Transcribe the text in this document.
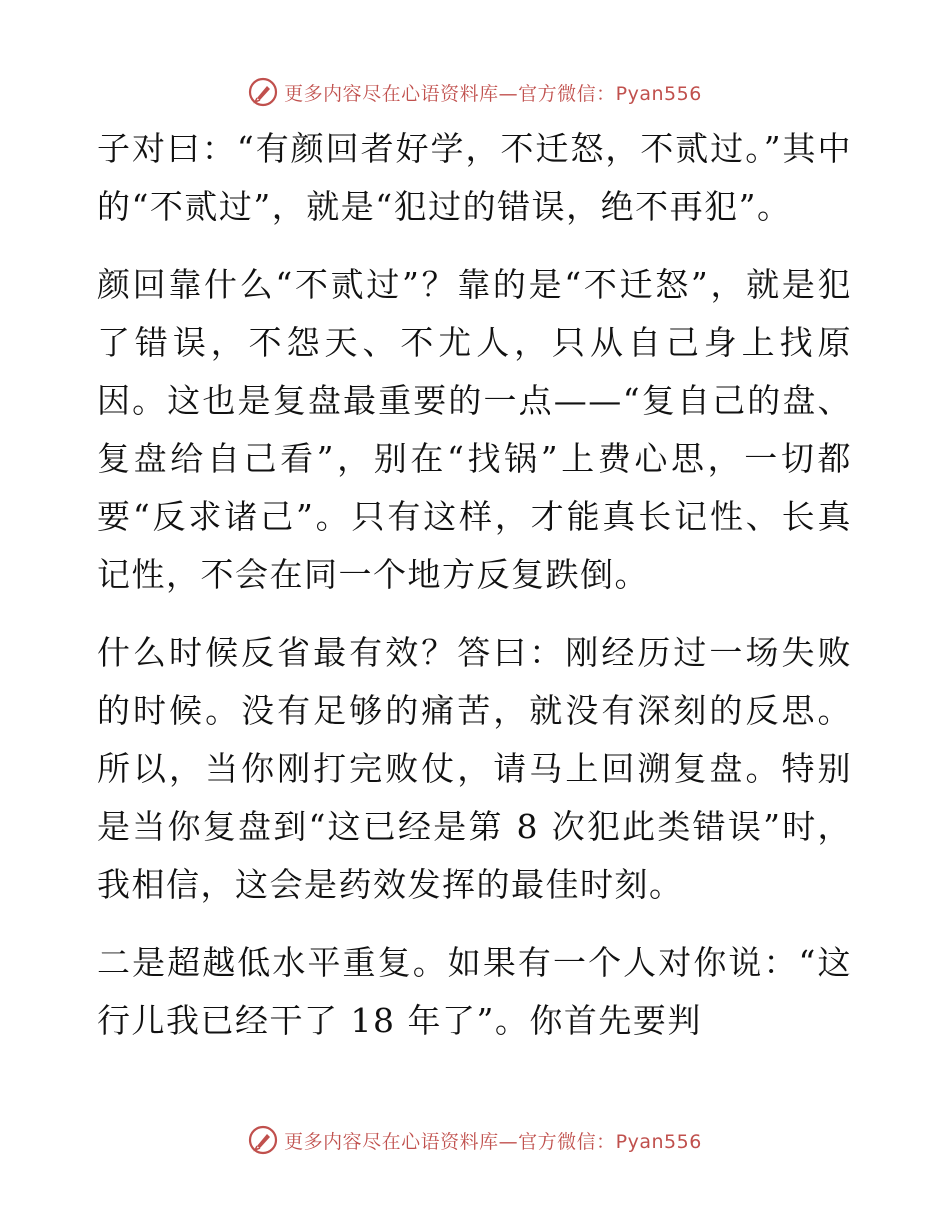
更多内容尽在心语资料库—官方微信：Pyan556

子对曰：“有颜回者好学，不迁怒，不贰过。”其中的“不贰过”，就是“犯过的错误，绝不再犯”。

颜回靠什么“不贰过”？靠的是“不迁怒”，就是犯了错误，不怨天、不尤人，只从自己身上找原因。这也是复盘最重要的一点——“复自己的盘、复盘给自己看”，别在“找锅”上费心思，一切都要“反求诸己”。只有这样，才能真长记性、长真记性，不会在同一个地方反复跌倒。

什么时候反省最有效？答曰：刚经历过一场失败的时候。没有足够的痛苦，就没有深刻的反思。所以，当你刚打完败仗，请马上回溯复盘。特别是当你复盘到“这已经是第 8 次犯此类错误”时，我相信，这会是药效发挥的最佳时刻。

二是超越低水平重复。如果有一个人对你说：“这行儿我已经干了 18 年了”。你首先要判

更多内容尽在心语资料库—官方微信：Pyan556
